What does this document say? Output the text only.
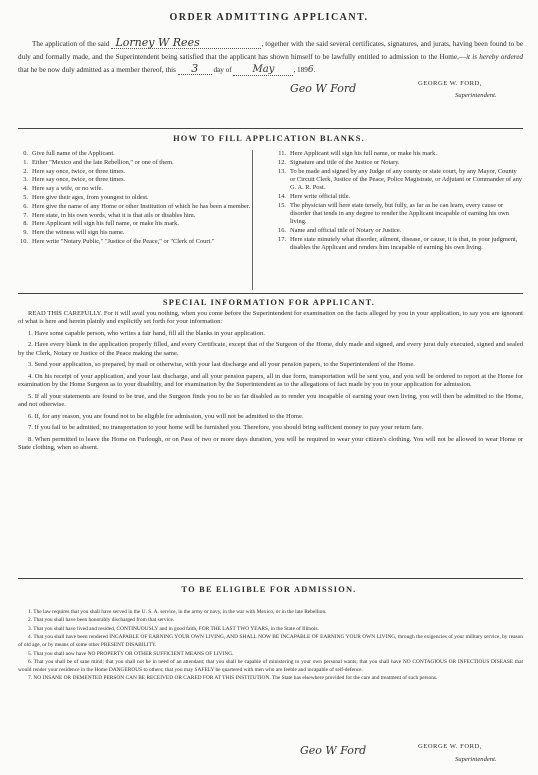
ORDER ADMITTING APPLICANT.
The application of the said Lorney W Rees	, together with the said several certificates, signatures, and jurats, having been found to be duly and formally made, and the Superintendent being satisfied that the applicant has shown himself to be lawfully entitled to admission to the Home,—it is hereby ordered that he be now duly admitted as a member thereof, this 3 day of May	, 1896.
Geo W Ford	GEORGE W. FORD,
Superintendent.
HOW TO FILL APPLICATION BLANKS.
0. Give full name of the Applicant.
1. Either "Mexico and the late Rebellion," or one of them.
2. Here say once, twice, or three times.
3. Here say once, twice, or three times.
4. Here say a wife, or no wife.
5. Here give their ages, from youngest to oldest.
6. Here give the name of any Home or other Institution of which he has been a member.
7. Here state, in his own words, what it is that ails or disables him.
8. Here Applicant will sign his full name, or make his mark.
9. Here the witness will sign his name.
10. Here write "Notary Public," "Justice of the Peace," or "Clerk of Court."
11. Here Applicant will sign his full name, or make his mark.
12. Signature and title of the Justice or Notary.
13. To be made and signed by any Judge of any county or state court, by any Mayor, County or Circuit Clerk, Justice of the Peace, Police Magistrate, or Adjutant or Commander of any G. A. R. Post.
14. Here write official title.
15. The physician will here state tersely, but fully, as far as he can learn, every cause or disorder that tends in any degree to render the Applicant incapable of earning his own living.
16. Name and official title of Notary or Justice.
17. Here state minutely what disorder, ailment, disease, or cause, it is that, in your judgment, disables the Applicant and renders him incapable of earning his own living.
SPECIAL INFORMATION FOR APPLICANT.

READ THIS CAREFULLY. For it will avail you nothing, when you come before the Superintendent for examination on the facts alleged by you in your application, to say you are ignorant of what is here and herein plainly and explicitly set forth for your information:

1. Have some capable person, who writes a fair hand, fill all the blanks in your application.

2. Have every blank in the application properly filled, and every Certificate, except that of the Surgeon of the Home, duly made and signed, and every jurat duly executed, signed and sealed by the Clerk, Notary or Justice of the Peace making the same.

3. Send your application, so prepared, by mail or otherwise, with your last discharge and all your pension papers, to the Superintendent of the Home.

4. On his receipt of your application, and your last discharge, and all your pension papers, all in due form, transportation will be sent you, and you will be ordered to report at the Home for examination by the Home Surgeon as to your disability, and for examination by the Superintendent as to the allegations of fact made by you in your application for admission.

5. If all your statements are found to be true, and the Surgeon finds you to be so far disabled as to render you incapable of earning your own living, you will then be admitted to the Home, and not otherwise.

6. If, for any reason, you are found not to be eligible for admission, you will not be admitted to the Home.

7. If you fail to be admitted, no transportation to your home will be furnished you. Therefore, you should bring sufficient money to pay your return fare.

8. When permitted to leave the Home on Furlough, or on Pass of two or more days duration, you will be required to wear your citizen's clothing. You will not be allowed to wear Home or State clothing, when so absent.

TO BE ELIGIBLE FOR ADMISSION.

1. The law requires that you shall have served in the U. S. A. service, in the army or navy, in the war with Mexico, or in the late Rebellion.

2. That you shall have been honorably discharged from that service.

3. That you shall have lived and resided, CONTINUOUSLY and in good faith, FOR THE LAST TWO YEARS, in the State of Illinois.

4. That you shall have been rendered INCAPABLE OF EARNING YOUR OWN LIVING, AND SHALL NOW BE INCAPABLE OF EARNING YOUR OWN LIVING, through the exigencies of your military service, by reason of old age, or by means of some other PRESENT DISABILITY.

5. That you shall now have NO PROPERTY OR OTHER SUFFICIENT MEANS OF LIVING.

6. That you shall be of sane mind; that you shall not be in need of an attendant; that you shall be capable of ministering to your own personal wants; that you shall have NO CONTAGIOUS OR INFECTIOUS DISEASE that would render your residence in the Home DANGEROUS to others; that you may SAFELY be quartered with men who are feeble and incapable of self-defence.

7. NO INSANE OR DEMENTED PERSON CAN BE RECEIVED OR CARED FOR AT THIS INSTITUTION. The State has elsewhere provided for the care and treatment of such persons.

Geo W Ford	GEORGE W. FORD,
Superintendent.
